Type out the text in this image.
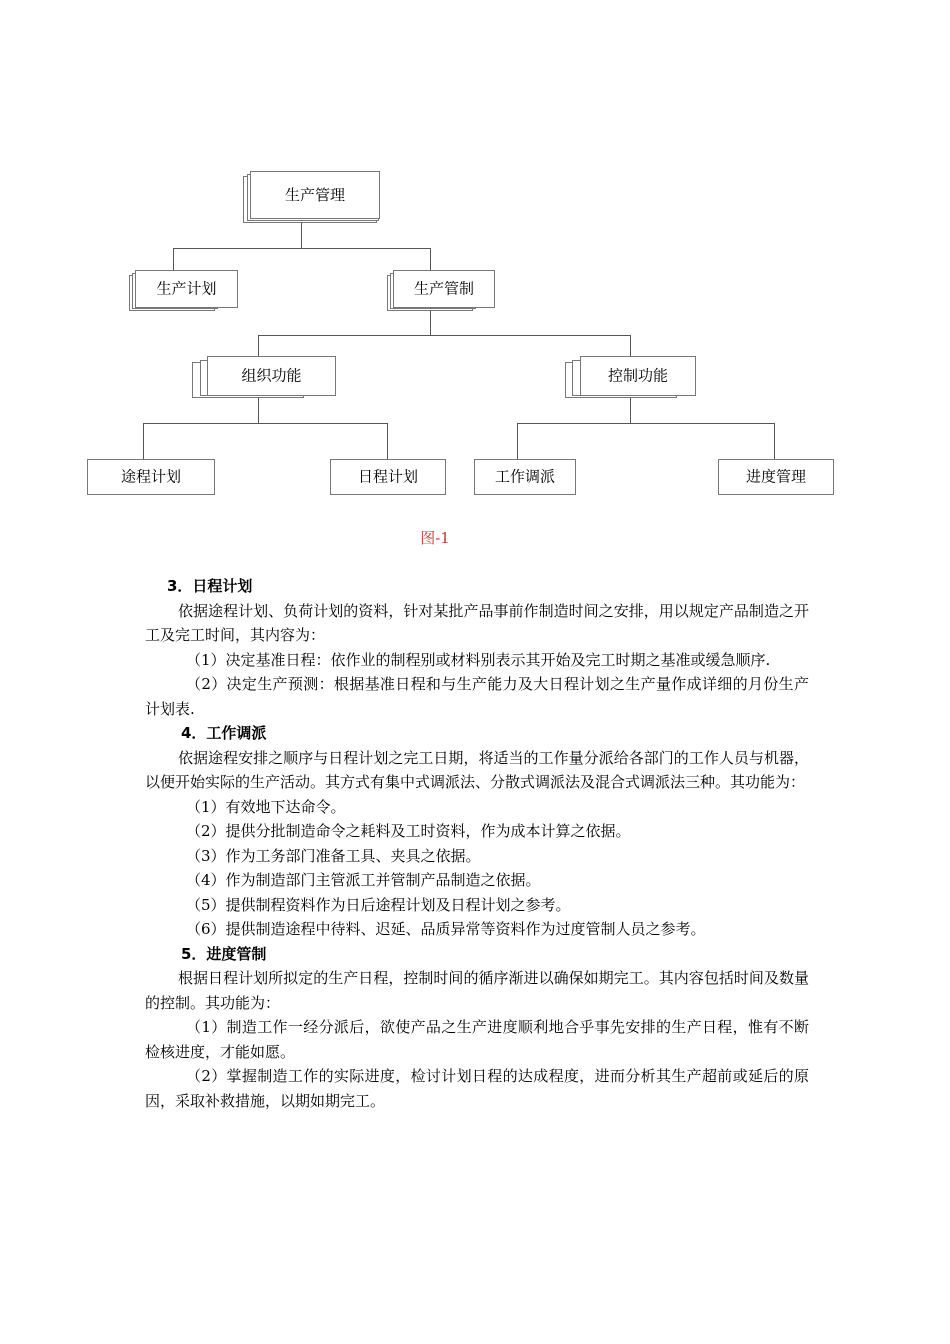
生产管理
生产计划	生产管制
组织功能	控制功能
途程计划	日程计划	工作调派	进度管理
图-1

3．日程计划

依据途程计划、负荷计划的资料，针对某批产品事前作制造时间之安排，用以规定产品制造之开工及完工时间，其内容为：

（1）决定基准日程：依作业的制程别或材料别表示其开始及完工时期之基准或缓急顺序.

（2）决定生产预测：根据基准日程和与生产能力及大日程计划之生产量作成详细的月份生产计划表.

4．工作调派

依据途程安排之顺序与日程计划之完工日期，将适当的工作量分派给各部门的工作人员与机器，以便开始实际的生产活动。其方式有集中式调派法、分散式调派法及混合式调派法三种。其功能为：

（1）有效地下达命令。

（2）提供分批制造命令之耗料及工时资料，作为成本计算之依据。

（3）作为工务部门准备工具、夹具之依据。

（4）作为制造部门主管派工并管制产品制造之依据。

（5）提供制程资料作为日后途程计划及日程计划之参考。

（6）提供制造途程中待料、迟延、品质异常等资料作为过度管制人员之参考。

5．进度管制

根据日程计划所拟定的生产日程，控制时间的循序渐进以确保如期完工。其内容包括时间及数量的控制。其功能为：

（1）制造工作一经分派后，欲使产品之生产进度顺利地合乎事先安排的生产日程，惟有不断检核进度，才能如愿。

（2）掌握制造工作的实际进度，检讨计划日程的达成程度，进而分析其生产超前或延后的原因，采取补救措施，以期如期完工。
